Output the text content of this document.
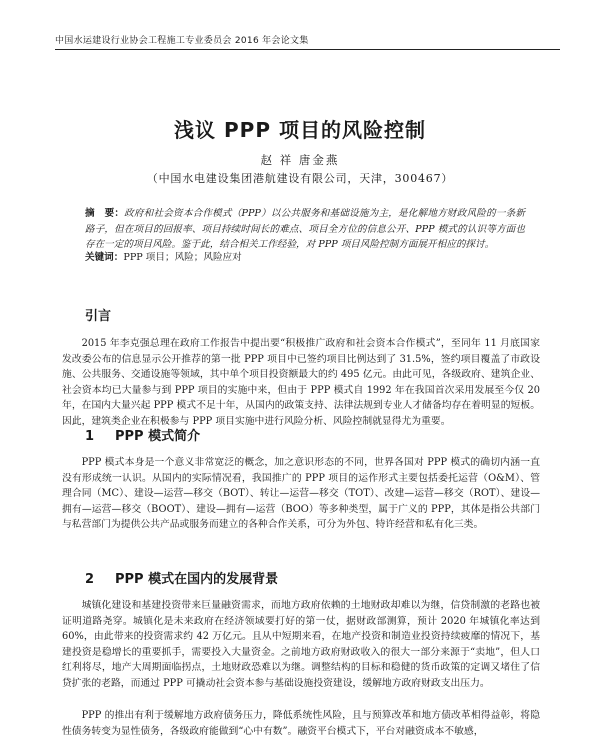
中国水运建设行业协会工程施工专业委员会 2016 年会论文集
浅议 PPP 项目的风险控制
赵 祥 唐金燕
（中国水电建设集团港航建设有限公司，天津，300467）
摘　要：政府和社会资本合作模式（PPP）以公共服务和基础设施为主，是化解地方财政风险的一条新路子，但在项目的回报率、项目持续时间长的难点、项目全方位的信息公开、PPP 模式的认识等方面也存在一定的项目风险。鉴于此，结合相关工作经验，对 PPP 项目风险控制方面展开相应的探讨。
关键词：PPP 项目；风险；风险应对
引言
2015 年李克强总理在政府工作报告中提出要“积极推广政府和社会资本合作模式”，至同年 11 月底国家发改委公布的信息显示公开推荐的第一批 PPP 项目中已签约项目比例达到了 31.5%，签约项目覆盖了市政设施、公共服务、交通设施等领域，其中单个项目投资额最大的约 495 亿元。由此可见，各级政府、建筑企业、社会资本均已大量参与到 PPP 项目的实施中来，但由于 PPP 模式自 1992 年在我国首次采用发展至今仅 20 年，在国内大量兴起 PPP 模式不足十年，从国内的政策支持、法律法规到专业人才储备均存在着明显的短板。因此，建筑类企业在积极参与 PPP 项目实施中进行风险分析、风险控制就显得尤为重要。
1 PPP 模式简介
PPP 模式本身是一个意义非常宽泛的概念，加之意识形态的不同，世界各国对 PPP 模式的确切内涵一直没有形成统一认识。从国内的实际情况看，我国推广的 PPP 项目的运作形式主要包括委托运营（O&M）、管理合同（MC）、建设—运营—移交（BOT）、转让—运营—移交（TOT）、改建—运营—移交（ROT）、建设—拥有—运营—移交（BOOT）、建设—拥有—运营（BOO）等多种类型，属于广义的 PPP，其体是指公共部门与私营部门为提供公共产品或服务而建立的各种合作关系，可分为外包、特许经营和私有化三类。
2 PPP 模式在国内的发展背景
城镇化建设和基建投资带来巨量融资需求，而地方政府依赖的土地财政却难以为继，信贷制激的老路也被证明道路尧穿。城镇化是未来政府在经济领域要打好的第一仗，据财政部测算，预计 2020 年城镇化率达到 60%，由此带来的投资需求约 42 万亿元。且从中短期来看，在地产投资和制造业投资持续疲靡的情况下，基建投资是稳增长的重要抓手，需要投入大量资金。之前地方政府财政收入的很大一部分来源于“卖地”，但人口红利将尽，地产大周期面临拐点，土地财政恐难以为继。调整结构的目标和稳健的货币政策的定调又堵住了信贷扩张的老路，而通过 PPP 可撬动社会资本参与基础设施投资建设，缓解地方政府财政支出压力。
PPP 的推出有利于缓解地方政府债务压力，降低系统性风险，且与预算改革和地方债改革相得益彰，将隐性债务转变为显性债务，各级政府能做到“心中有数”。融资平台模式下，平台对融资成本不敏感，
